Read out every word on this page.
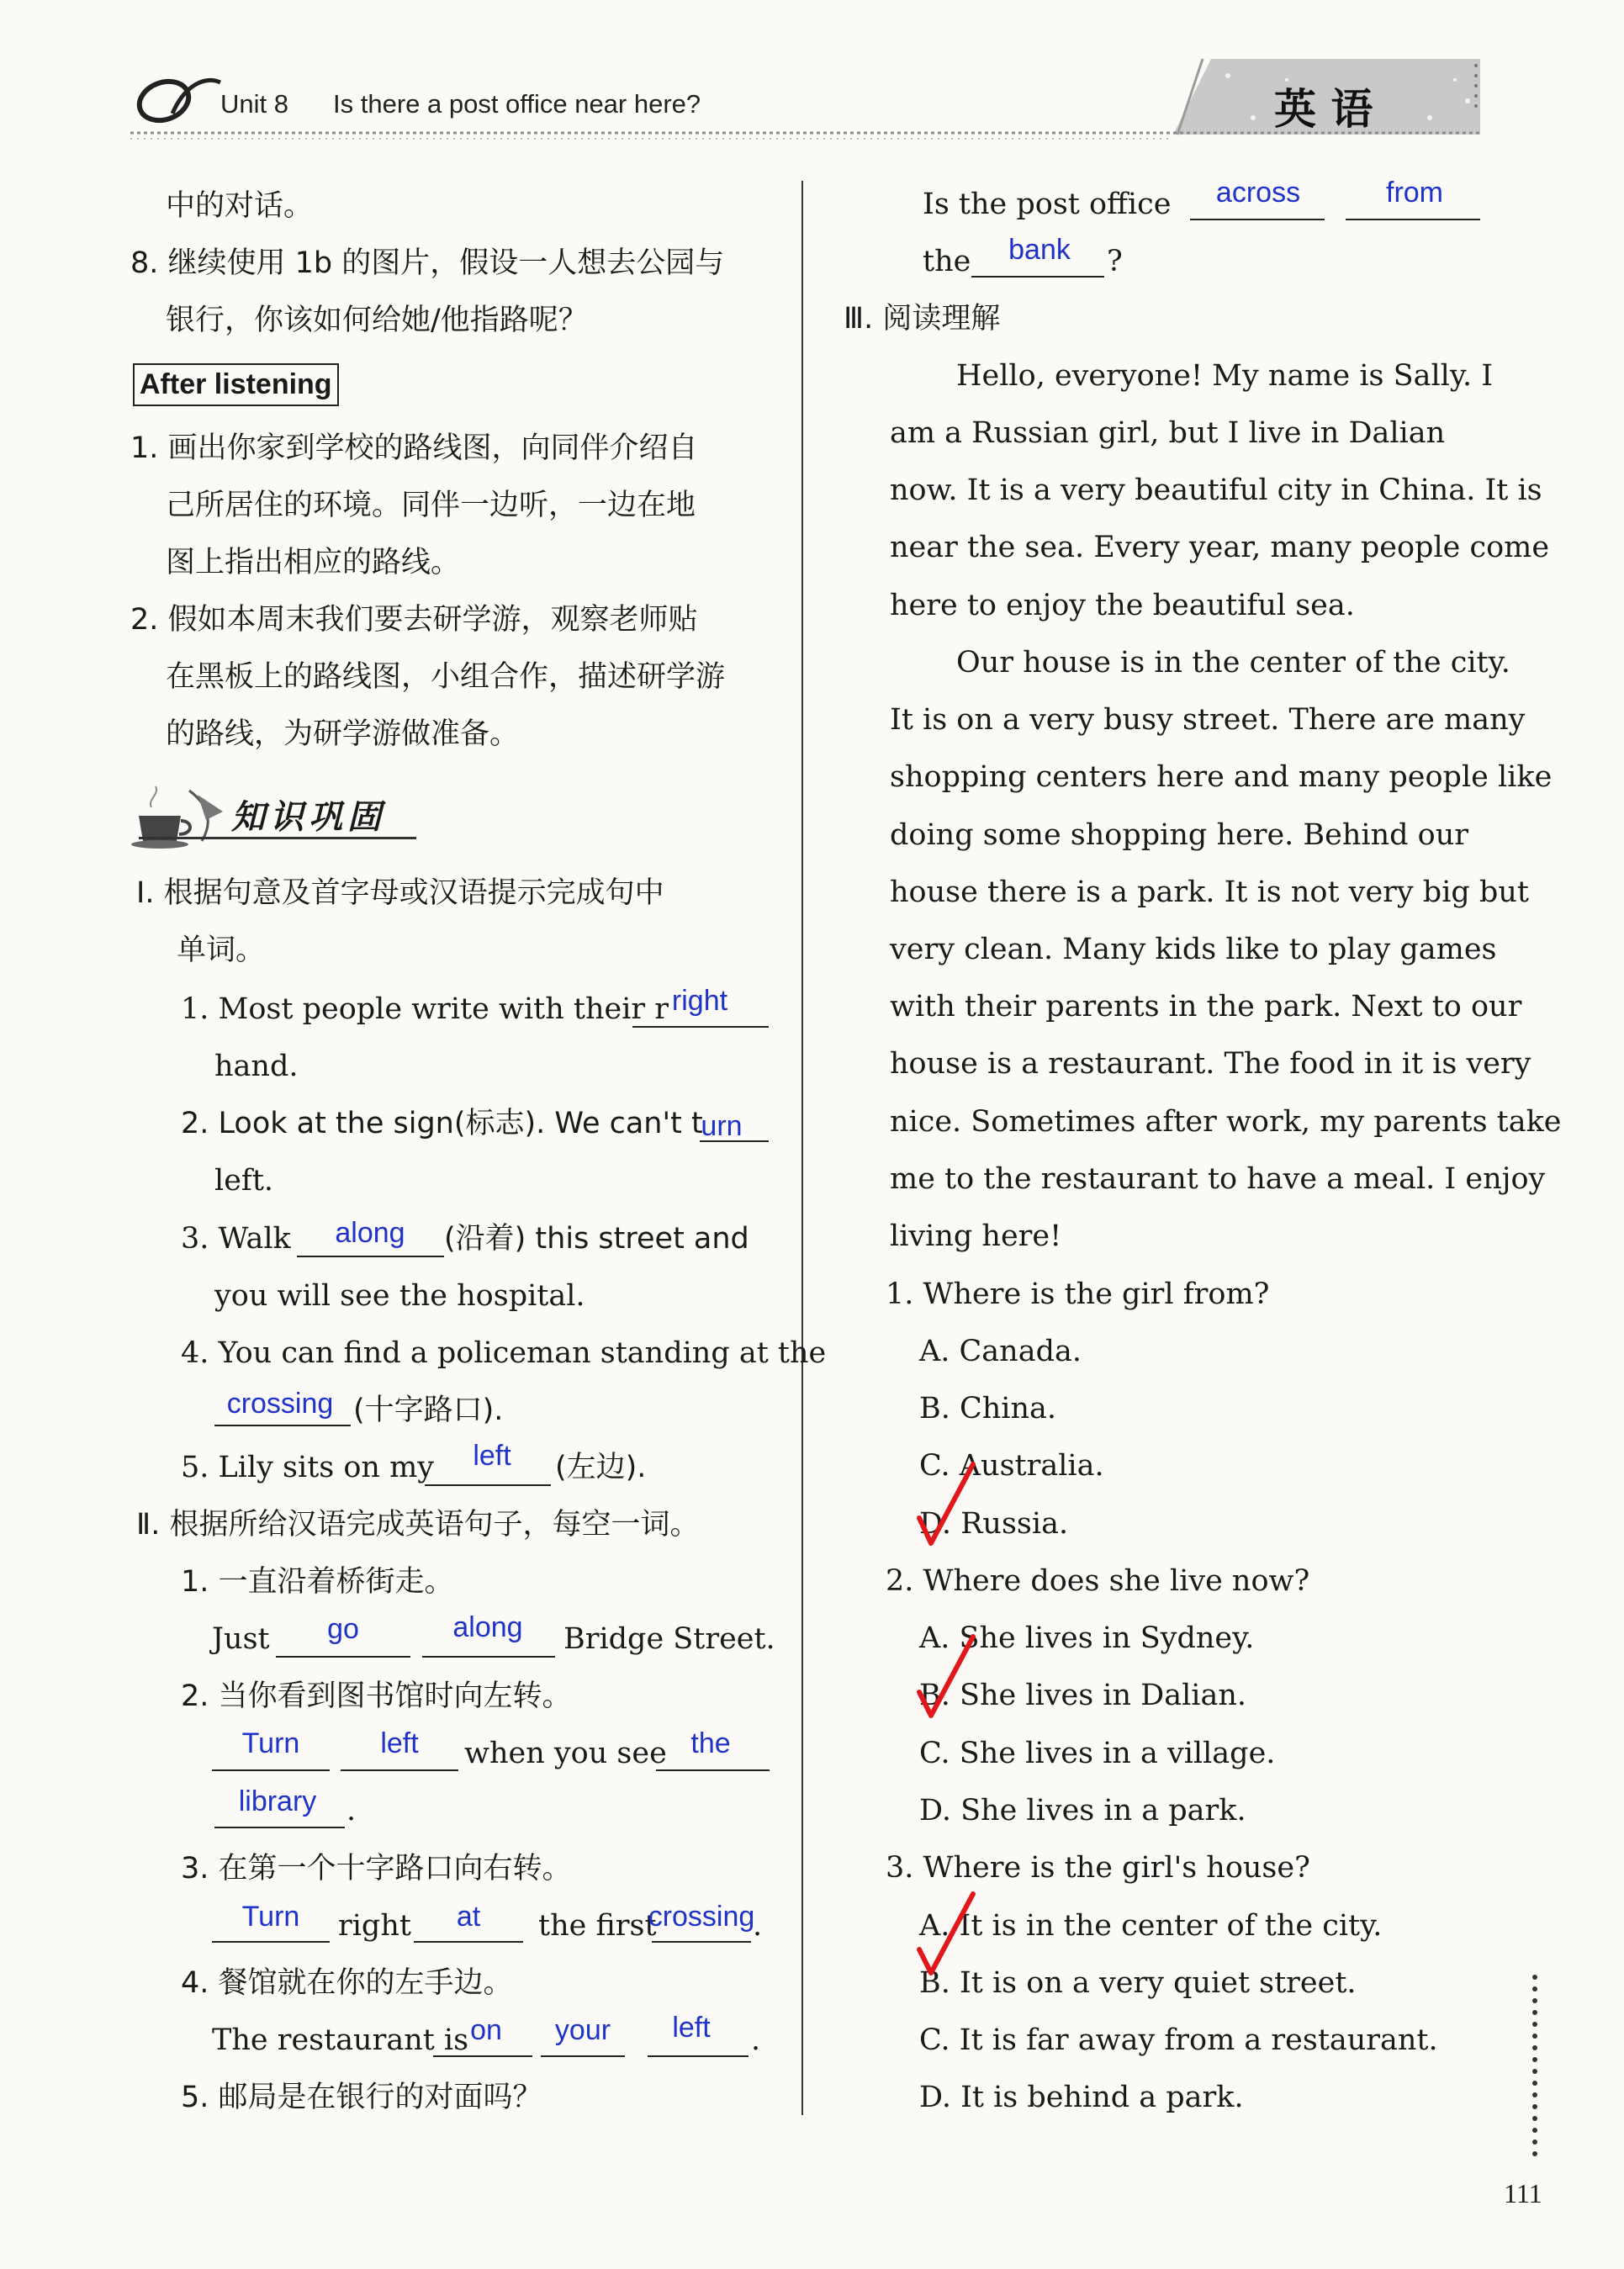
Unit 8 Is there a post office near here?	英 语
中的对话。
8. 继续使用 1b 的图片，假设一人想去公园与
银行，你该如何给她/他指路呢？
After listening
1. 画出你家到学校的路线图，向同伴介绍自
己所居住的环境。同伴一边听，一边在地
图上指出相应的路线。
2. 假如本周末我们要去研学游，观察老师贴
在黑板上的路线图，小组合作，描述研学游
的路线，为研学游做准备。
知识巩固
Ⅰ. 根据句意及首字母或汉语提示完成句中
单词。
1. Most people write with their r right
hand.
2. Look at the sign(标志). We can't t
urn
left.
3. Walk along (沿着) this street and
you will see the hospital.
4. You can find a policeman standing at the
crossing (十字路口).
5. Lily sits on my left (左边).
Ⅱ. 根据所给汉语完成英语句子，每空一词。
1. 一直沿着桥街走。
Just go	along Bridge Street.
2. 当你看到图书馆时向左转。
Turn	left when you see the
library .
3. 在第一个十字路口向右转。
Turn right at the first
crossing
.
4. 餐馆就在你的左手边。
The restaurant is on your left .
5. 邮局是在银行的对面吗？
Is the post office across	from
the bank ?
Ⅲ. 阅读理解
Hello, everyone! My name is Sally. I
am a Russian girl, but I live in Dalian
now. It is a very beautiful city in China. It is
near the sea. Every year, many people come
here to enjoy the beautiful sea.
Our house is in the center of the city.
It is on a very busy street. There are many
shopping centers here and many people like
doing some shopping here. Behind our
house there is a park. It is not very big but
very clean. Many kids like to play games
with their parents in the park. Next to our
house is a restaurant. The food in it is very
nice. Sometimes after work, my parents take
me to the restaurant to have a meal. I enjoy
living here!
1. Where is the girl from?
A. Canada.
B. China.
C. Australia.
D. Russia.
2. Where does she live now?
A. She lives in Sydney.
B. She lives in Dalian.
C. She lives in a village.
D. She lives in a park.
3. Where is the girl's house?
A. It is in the center of the city.
B. It is on a very quiet street.
C. It is far away from a restaurant.
D. It is behind a park.
111
